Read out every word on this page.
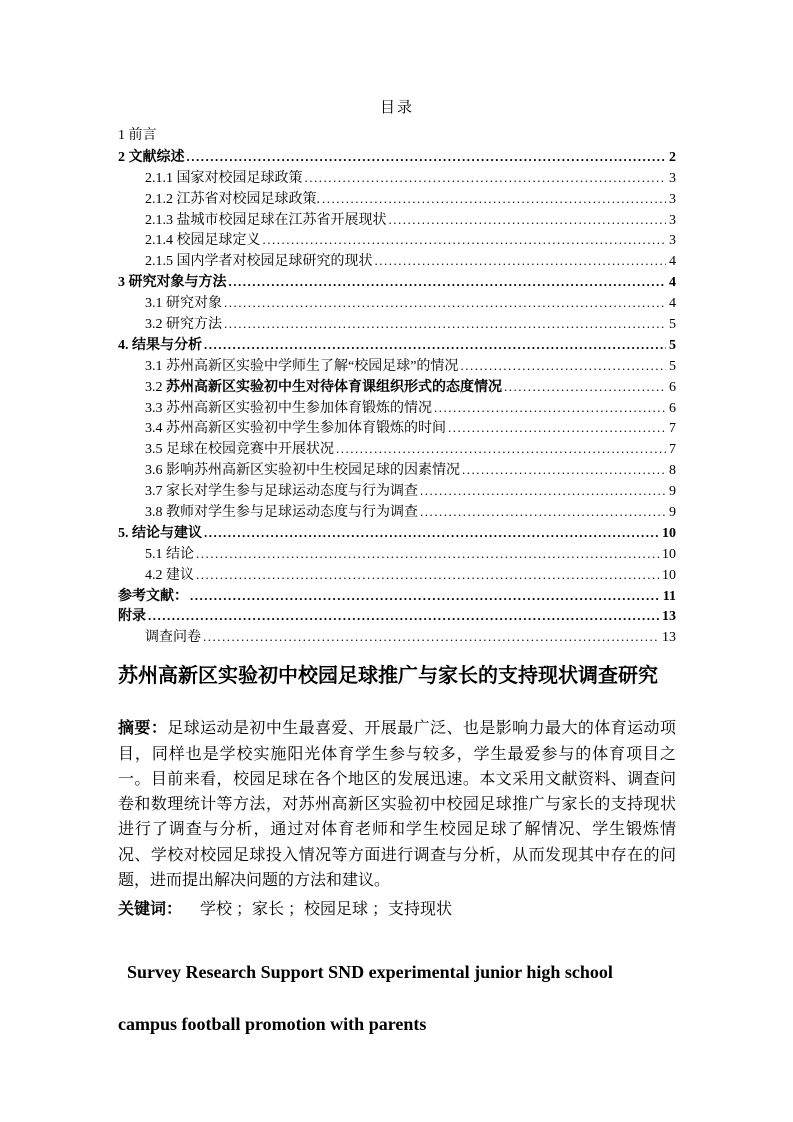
目录
1 前言
2 文献综述 .....	2
2.1.1 国家对校园足球政策 .....	3
2.1.2 江苏省对校园足球政策. .....	3
2.1.3 盐城市校园足球在江苏省开展现状 .....	3
2.1.4 校园足球定义 .....	3
2.1.5 国内学者对校园足球研究的现状 .....	4
3 研究对象与方法 .....	4
3.1 研究对象 .....	4
3.2 研究方法 .....	5
4. 结果与分析 .....	5
3.1 苏州高新区实验中学师生了解“校园足球”的情况 .....	5
3.2 苏州高新区实验初中生对待体育课组织形式的态度情况 .....	6
3.3 苏州高新区实验初中生参加体育锻炼的情况 .....	6
3.4 苏州高新区实验初中学生参加体育锻炼的时间 .....	7
3.5 足球在校园竞赛中开展状况 .....	7
3.6 影响苏州高新区实验初中生校园足球的因素情况 .....	8
3.7 家长对学生参与足球运动态度与行为调查 .....	9
3.8 教师对学生参与足球运动态度与行为调查 .....	9
5. 结论与建议 .....	10
5.1 结论 .....	10
4.2 建议 .....	10
参考文献： .....	11
附录 .....	13
调查问卷 .....	13
苏州高新区实验初中校园足球推广与家长的支持现状调查研究

摘要：足球运动是初中生最喜爱、开展最广泛、也是影响力最大的体育运动项目，同样也是学校实施阳光体育学生参与较多，学生最爱参与的体育项目之一。目前来看，校园足球在各个地区的发展迅速。本文采用文献资料、调查问卷和数理统计等方法，对苏州高新区实验初中校园足球推广与家长的支持现状进行了调查与分析，通过对体育老师和学生校园足球了解情况、学生锻炼情况、学校对校园足球投入情况等方面进行调查与分析，从而发现其中存在的问题，进而提出解决问题的方法和建议。

关键词： 学校 ；家长 ；校园足球 ；支持现状
Survey Research Support SND experimental junior high school
campus football promotion with parents
